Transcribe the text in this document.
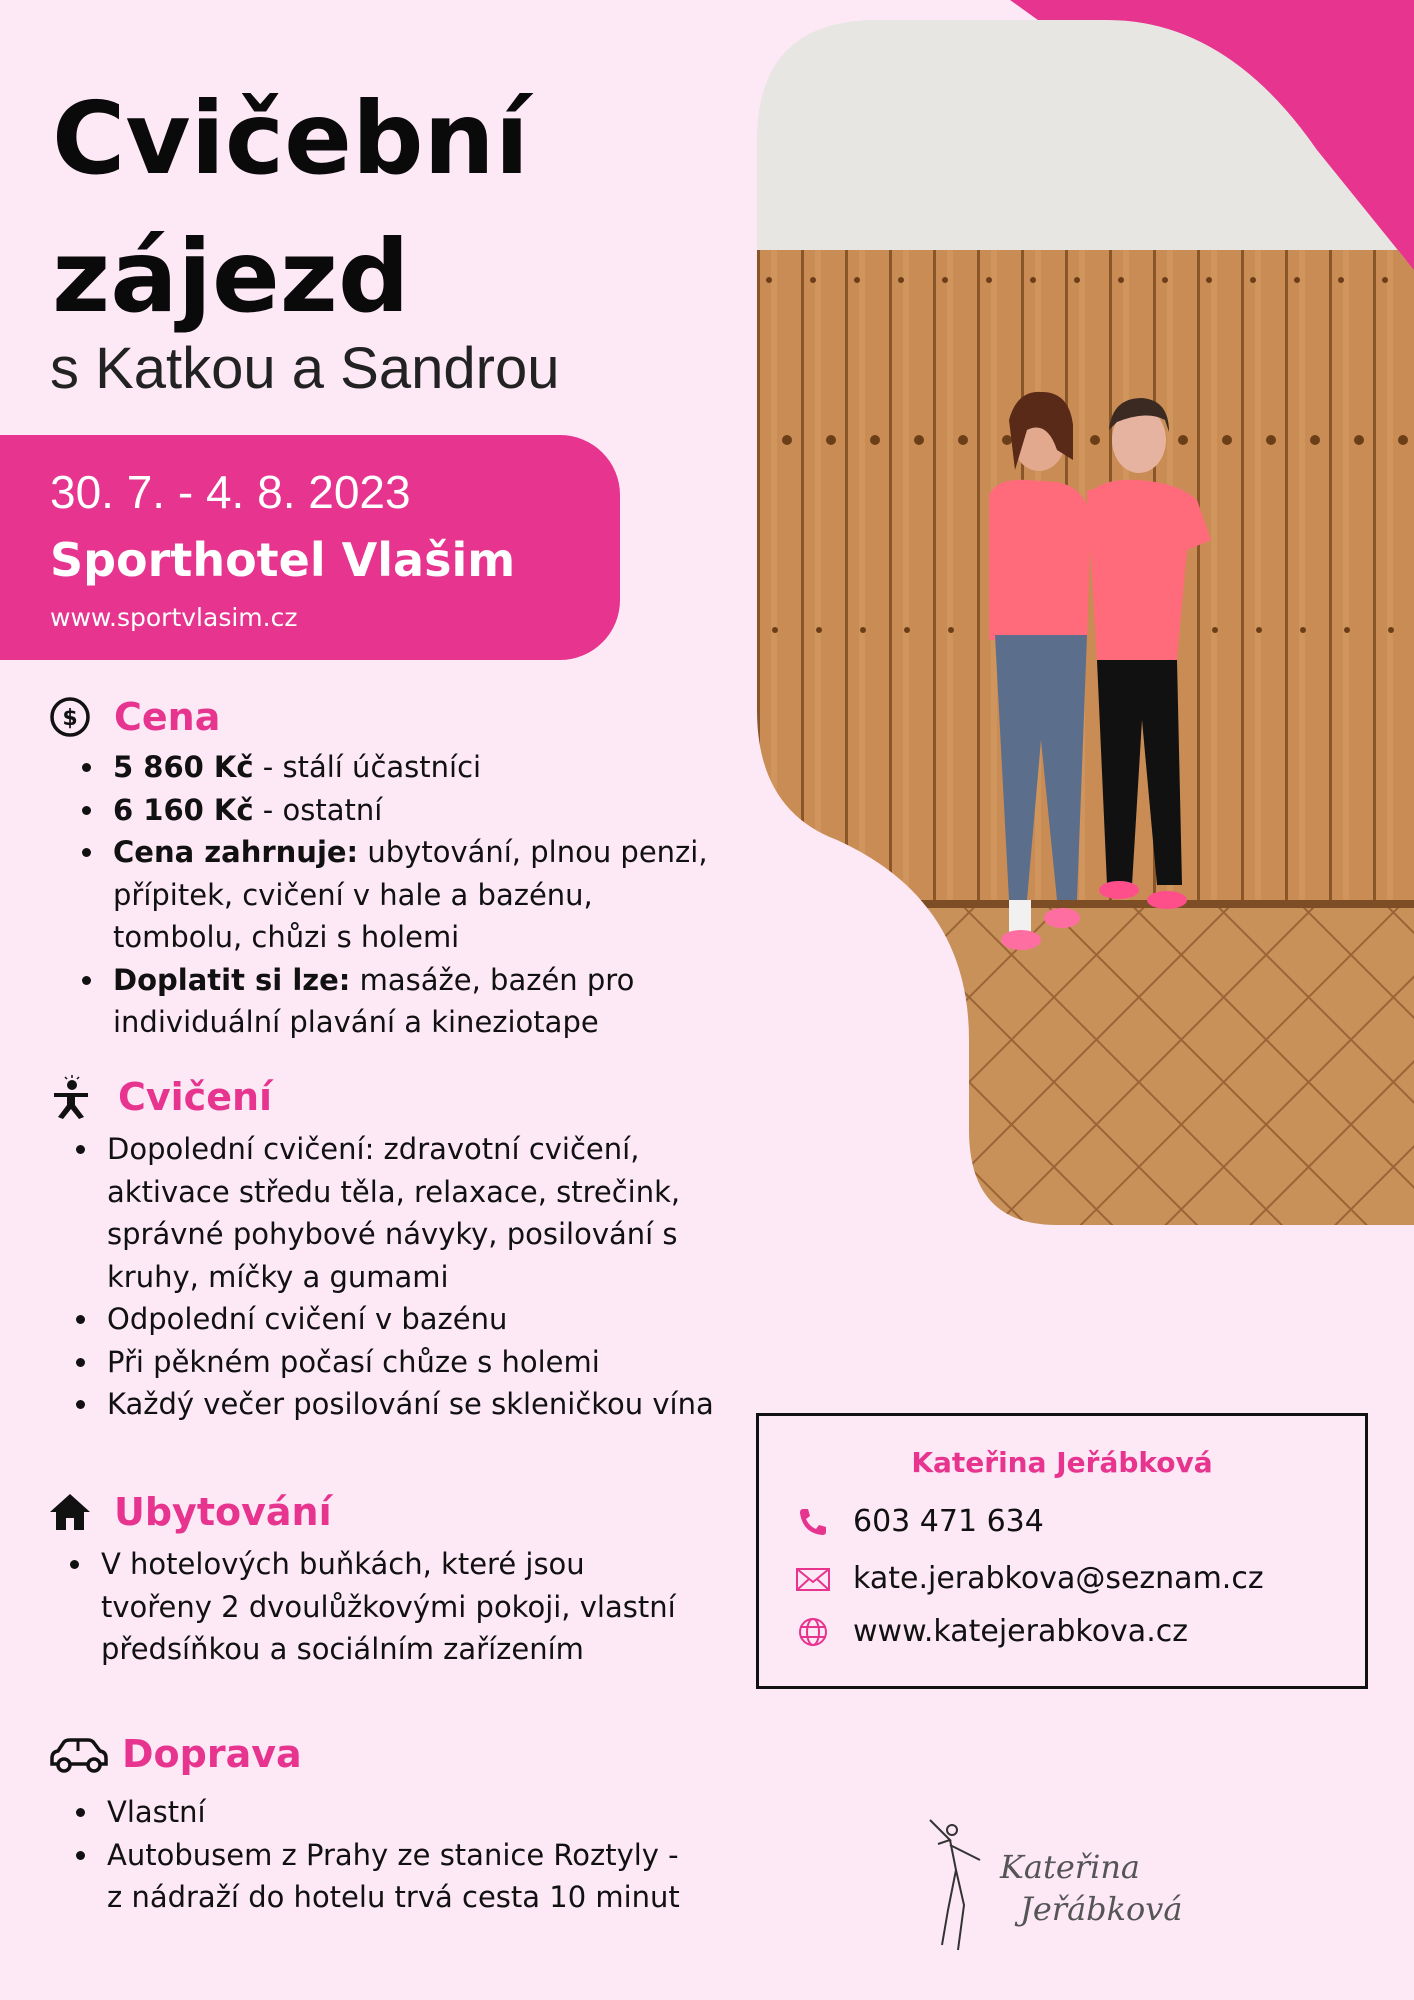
Cvičební
zájezd
s Katkou a Sandrou
30. 7. - 4. 8. 2023
Sporthotel Vlašim
www.sportvlasim.cz
$ Cena
• 5 860 Kč - stálí účastníci
• 6 160 Kč - ostatní
• Cena zahrnuje: ubytování, plnou penzi, přípitek, cvičení v hale a bazénu, tombolu, chůzi s holemi
• Doplatit si lze: masáže, bazén pro individuální plavání a kineziotape
Cvičení
• Dopolední cvičení: zdravotní cvičení, aktivace středu těla, relaxace, strečink, správné pohybové návyky, posilování s kruhy, míčky a gumami
• Odpolední cvičení v bazénu
• Při pěkném počasí chůze s holemi
• Každý večer posilování se skleničkou vína
Ubytování
• V hotelových buňkách, které jsou tvořeny 2 dvoulůžkovými pokoji, vlastní předsíňkou a sociálním zařízením
Doprava
• Vlastní
• Autobusem z Prahy ze stanice Roztyly - z nádraží do hotelu trvá cesta 10 minut
Kateřina Jeřábková
603 471 634
kate.jerabkova@seznam.cz
www.katejerabkova.cz
Kateřina
Jeřábková
